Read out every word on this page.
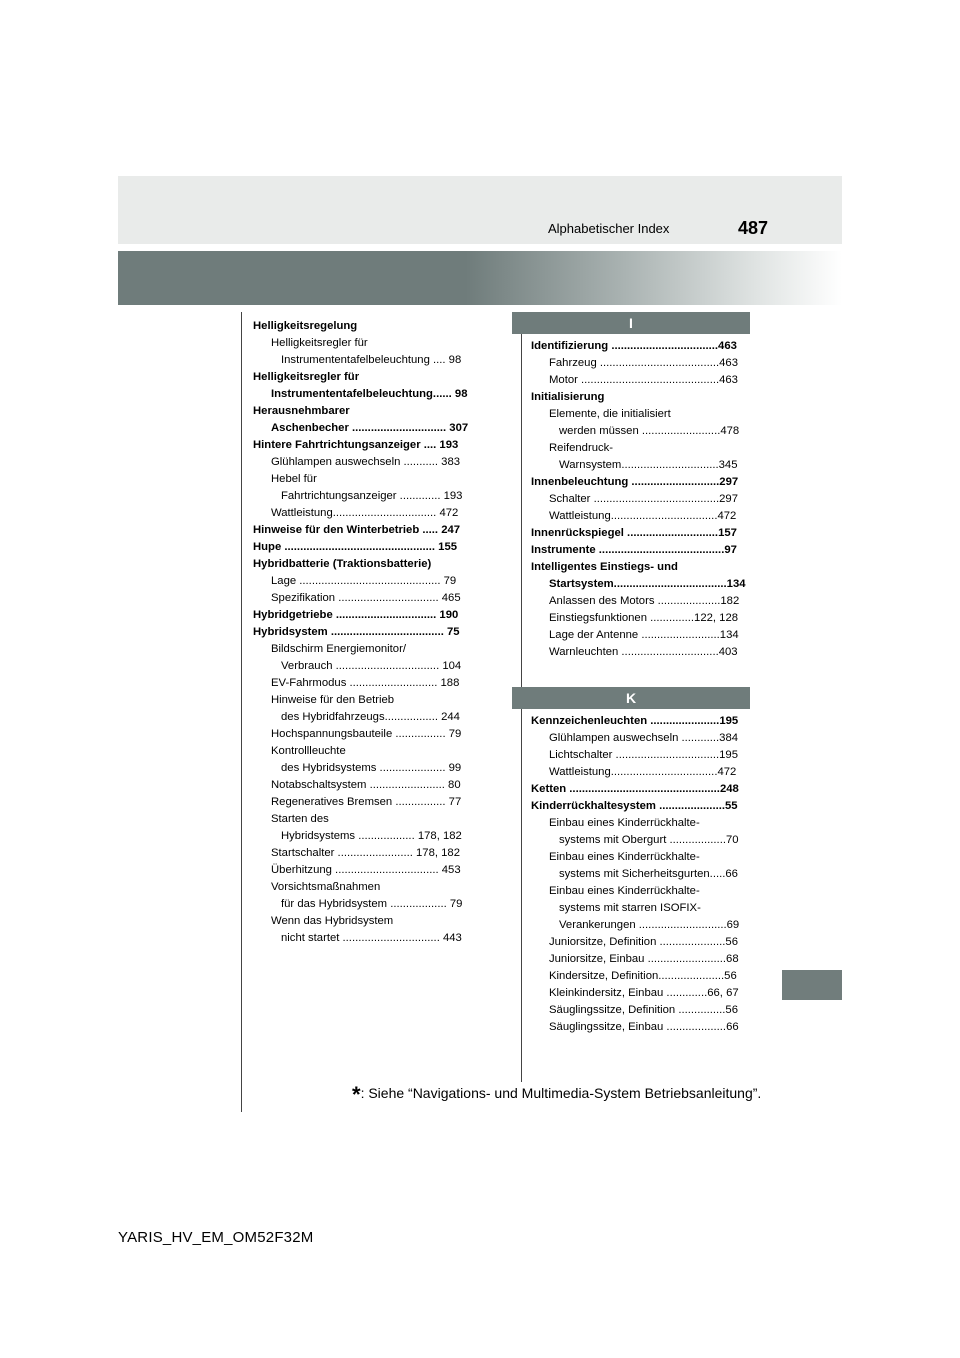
Alphabetischer Index	487
Helligkeitsregelung
Helligkeitsregler für
Instrumententafelbeleuchtung .... 98
Helligkeitsregler für
Instrumententafelbeleuchtung...... 98
Herausnehmbarer
Aschenbecher .............................. 307
Hintere Fahrtrichtungsanzeiger .... 193
Glühlampen auswechseln ........... 383
Hebel für
Fahrtrichtungsanzeiger ............. 193
Wattleistung................................. 472
Hinweise für den Winterbetrieb ..... 247
Hupe ................................................ 155
Hybridbatterie (Traktionsbatterie)
Lage ............................................. 79
Spezifikation ................................ 465
Hybridgetriebe ................................ 190
Hybridsystem .................................... 75
Bildschirm Energiemonitor/
Verbrauch ................................. 104
EV-Fahrmodus ............................ 188
Hinweise für den Betrieb
des Hybridfahrzeugs................. 244
Hochspannungsbauteile ................ 79
Kontrollleuchte
des Hybridsystems ..................... 99
Notabschaltsystem ........................ 80
Regeneratives Bremsen ................ 77
Starten des
Hybridsystems .................. 178, 182
Startschalter ........................ 178, 182
Überhitzung ................................. 453
Vorsichtsmaßnahmen
für das Hybridsystem .................. 79
Wenn das Hybridsystem
nicht startet ............................... 443
I
Identifizierung ..................................463
Fahrzeug ......................................463
Motor ............................................463
Initialisierung
Elemente, die initialisiert
werden müssen .........................478
Reifendruck-
Warnsystem...............................345
Innenbeleuchtung ............................297
Schalter ........................................297
Wattleistung..................................472
Innenrückspiegel .............................157
Instrumente ........................................97
Intelligentes Einstiegs- und
Startsystem....................................134
Anlassen des Motors ....................182
Einstiegsfunktionen ..............122, 128
Lage der Antenne .........................134
Warnleuchten ...............................403
K
Kennzeichenleuchten ......................195
Glühlampen auswechseln ............384
Lichtschalter .................................195
Wattleistung..................................472
Ketten ................................................248
Kinderrückhaltesystem .....................55
Einbau eines Kinderrückhalte-
systems mit Obergurt ..................70
Einbau eines Kinderrückhalte-
systems mit Sicherheitsgurten.....66
Einbau eines Kinderrückhalte-
systems mit starren ISOFIX-
Verankerungen ............................69
Juniorsitze, Definition .....................56
Juniorsitze, Einbau .........................68
Kindersitze, Definition.....................56
Kleinkindersitz, Einbau .............66, 67
Säuglingssitze, Definition ...............56
Säuglingssitze, Einbau ...................66
*: Siehe “Navigations- und Multimedia-System Betriebsanleitung”.
YARIS_HV_EM_OM52F32M
